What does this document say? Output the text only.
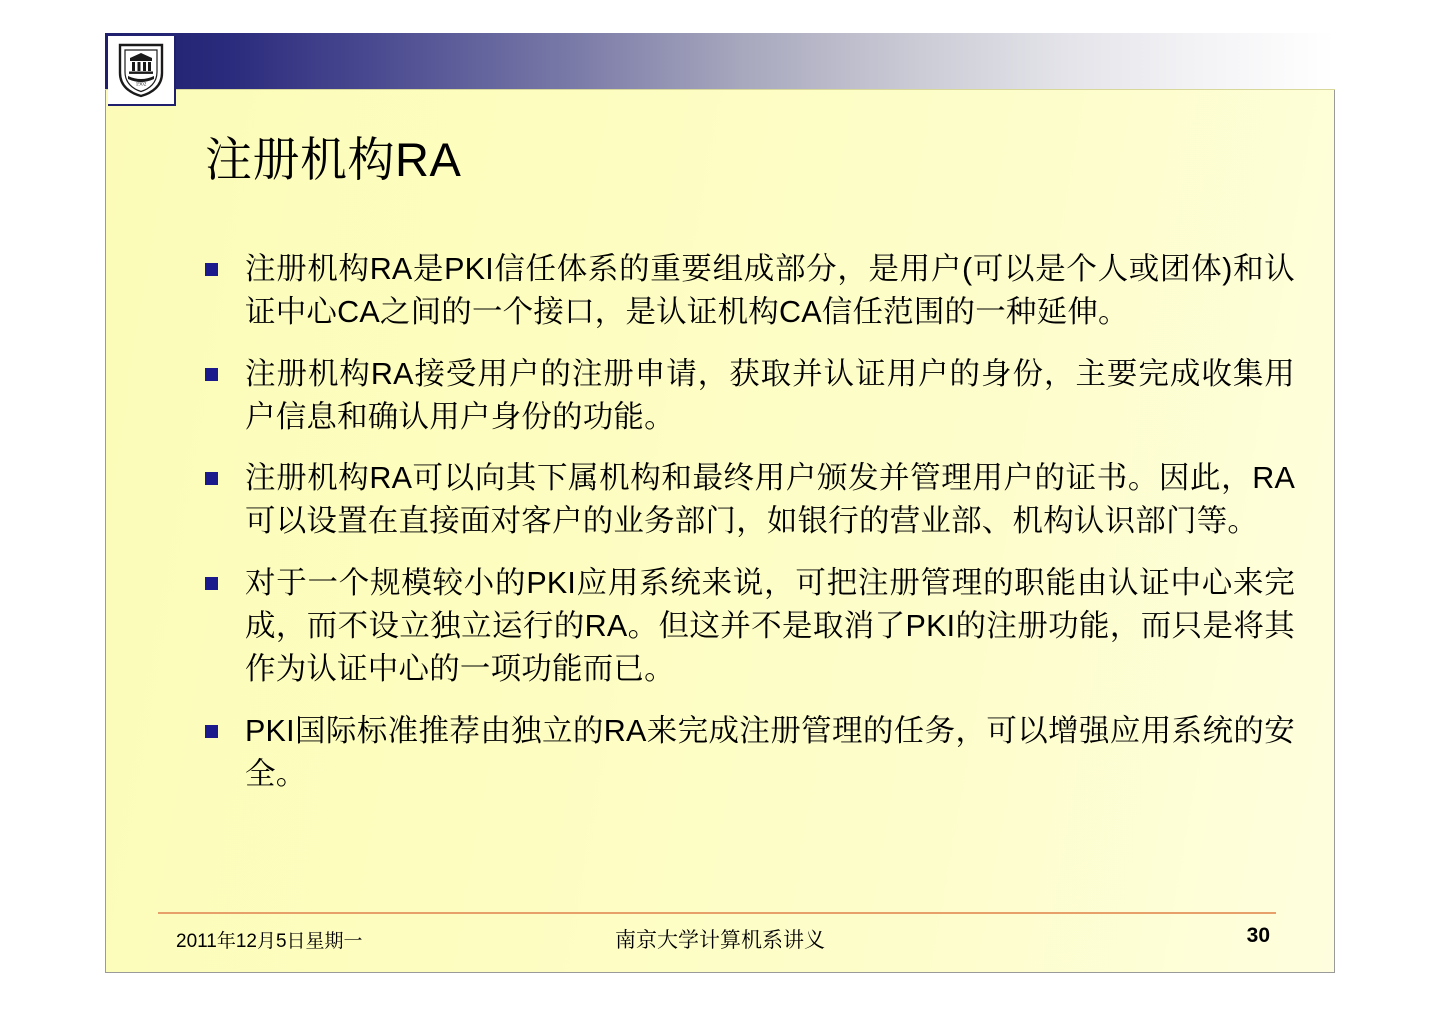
1902
注册机构RA
注册机构RA是PKI信任体系的重要组成部分，是用户(可以是个人或团体)和认证中心CA之间的一个接口，是认证机构CA信任范围的一种延伸。
注册机构RA接受用户的注册申请，获取并认证用户的身份，主要完成收集用户信息和确认用户身份的功能。
注册机构RA可以向其下属机构和最终用户颁发并管理用户的证书。因此，RA可以设置在直接面对客户的业务部门，如银行的营业部、机构认识部门等。
对于一个规模较小的PKI应用系统来说，可把注册管理的职能由认证中心来完成，而不设立独立运行的RA。但这并不是取消了PKI的注册功能，而只是将其作为认证中心的一项功能而已。
PKI国际标准推荐由独立的RA来完成注册管理的任务，可以增强应用系统的安全。
2011年12月5日星期一	南京大学计算机系讲义	30
